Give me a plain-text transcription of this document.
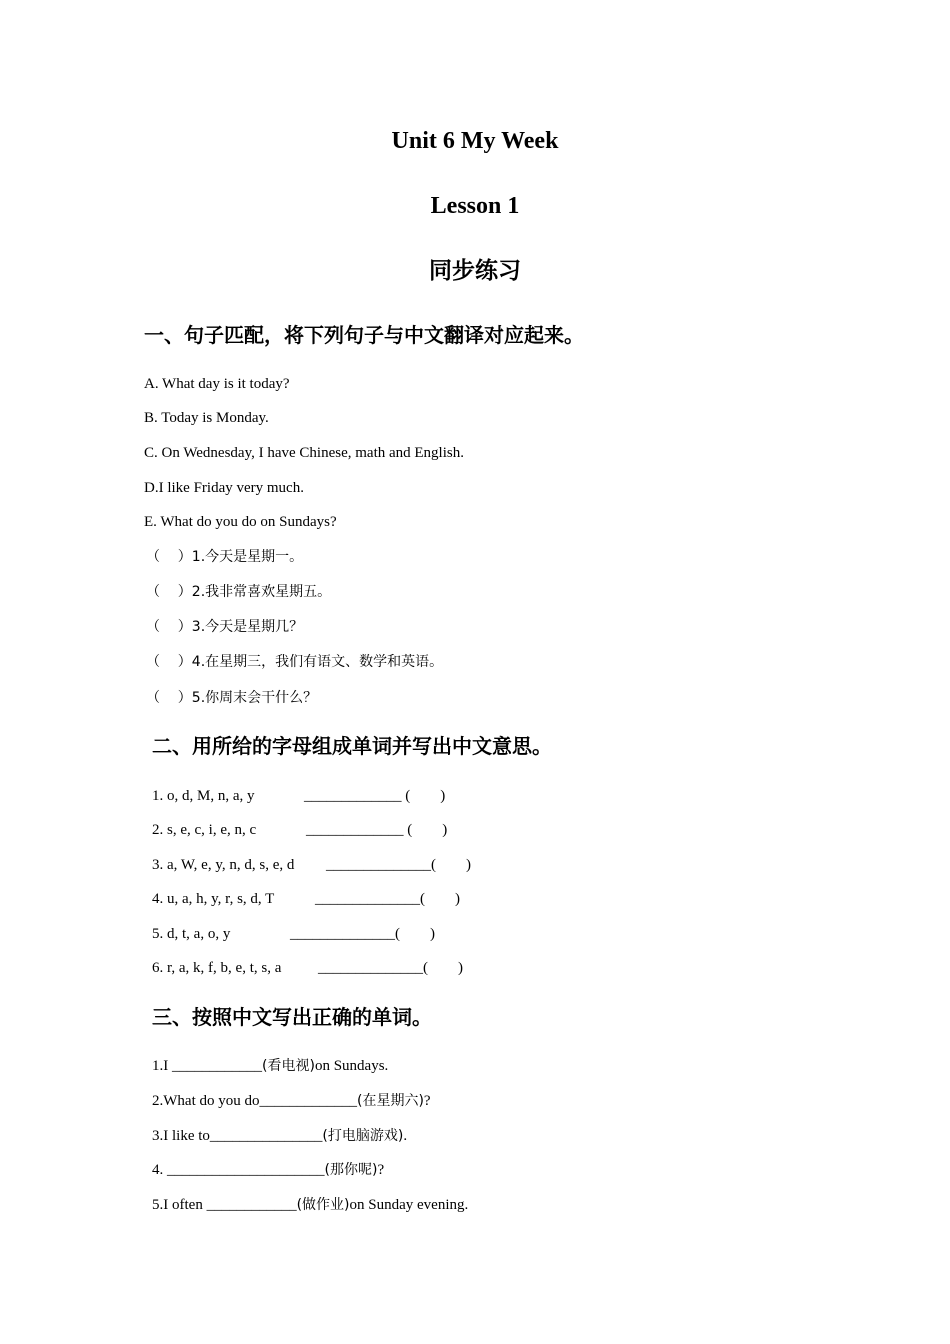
Unit 6 My Week
Lesson 1
同步练习
一、句子匹配，将下列句子与中文翻译对应起来。
A. What day is it today?
B. Today is Monday.
C. On Wednesday, I have Chinese, math and English.
D.I like Friday very much.
E. What do you do on Sundays?
（    ）1.今天是星期一。
（    ）2.我非常喜欢星期五。
（    ）3.今天是星期几？
（    ）4.在星期三，我们有语文、数学和英语。
（    ）5.你周末会干什么？
二、用所给的字母组成单词并写出中文意思。
1. o, d, M, n, a, y	_____________ (        )
2. s, e, c, i, e, n, c	_____________ (        )
3. a, W, e, y, n, d, s, e, d ______________(        )
4. u, a, h, y, r, s, d, T	______________(        )
5. d, t, a, o, y	______________(        )
6. r, a, k, f, b, e, t, s, a ______________(        )
三、按照中文写出正确的单词。
1.I ____________(看电视)on Sundays.
2.What do you do_____________(在星期六)?
3.I like to_______________(打电脑游戏).
4. _____________________(那你呢)?
5.I often ____________(做作业)on Sunday evening.
